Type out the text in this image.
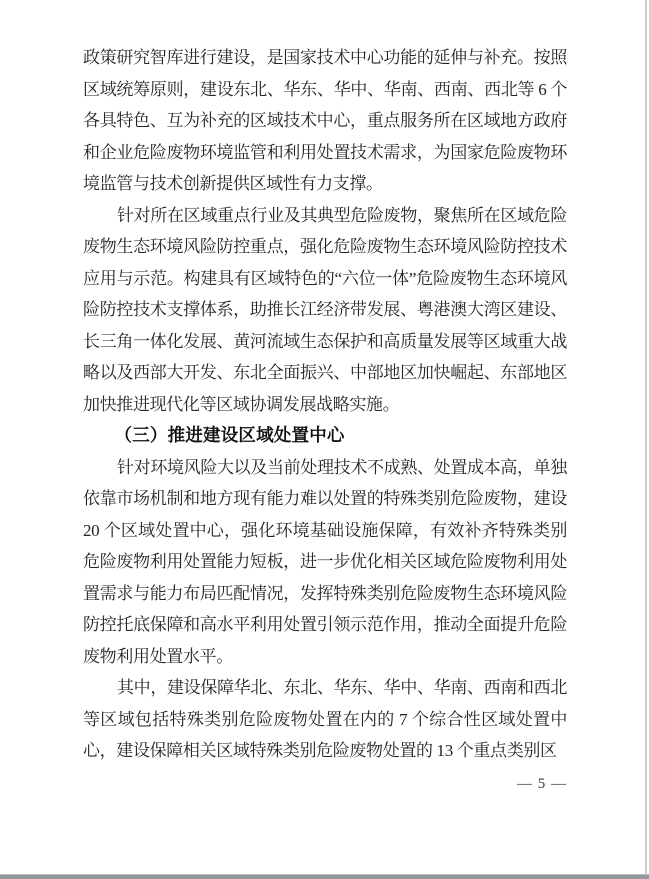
政策研究智库进行建设，是国家技术中心功能的延伸与补充。按照区域统筹原则，建设东北、华东、华中、华南、西南、西北等 6 个各具特色、互为补充的区域技术中心，重点服务所在区域地方政府和企业危险废物环境监管和利用处置技术需求，为国家危险废物环境监管与技术创新提供区域性有力支撑。

针对所在区域重点行业及其典型危险废物，聚焦所在区域危险废物生态环境风险防控重点，强化危险废物生态环境风险防控技术应用与示范。构建具有区域特色的“六位一体”危险废物生态环境风险防控技术支撑体系，助推长江经济带发展、粤港澳大湾区建设、长三角一体化发展、黄河流域生态保护和高质量发展等区域重大战略以及西部大开发、东北全面振兴、中部地区加快崛起、东部地区加快推进现代化等区域协调发展战略实施。

（三）推进建设区域处置中心

针对环境风险大以及当前处理技术不成熟、处置成本高，单独依靠市场机制和地方现有能力难以处置的特殊类别危险废物，建设 20 个区域处置中心，强化环境基础设施保障，有效补齐特殊类别危险废物利用处置能力短板，进一步优化相关区域危险废物利用处置需求与能力布局匹配情况，发挥特殊类别危险废物生态环境风险防控托底保障和高水平利用处置引领示范作用，推动全面提升危险废物利用处置水平。

其中，建设保障华北、东北、华东、华中、华南、西南和西北等区域包括特殊类别危险废物处置在内的 7 个综合性区域处置中心，建设保障相关区域特殊类别危险废物处置的 13 个重点类别区

— 5 —
